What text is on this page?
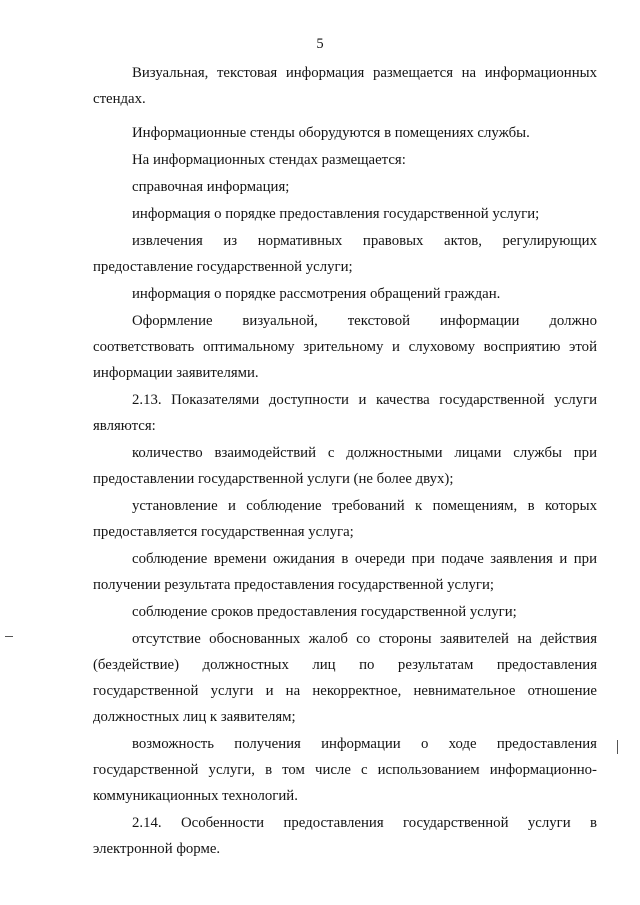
5

Визуальная, текстовая информация размещается на информационных стендах.

Информационные стенды оборудуются в помещениях службы.

На информационных стендах размещается:

справочная информация;

информация о порядке предоставления государственной услуги;

извлечения из нормативных правовых актов, регулирующих предоставление государственной услуги;

информация о порядке рассмотрения обращений граждан.

Оформление визуальной, текстовой информации должно соответствовать оптимальному зрительному и слуховому восприятию этой информации заявителями.

2.13. Показателями доступности и качества государственной услуги являются:

количество взаимодействий с должностными лицами службы при предоставлении государственной услуги (не более двух);

установление и соблюдение требований к помещениям, в которых предоставляется государственная услуга;

соблюдение времени ожидания в очереди при подаче заявления и при получении результата предоставления государственной услуги;

соблюдение сроков предоставления государственной услуги;

отсутствие обоснованных жалоб со стороны заявителей на действия (бездействие) должностных лиц по результатам предоставления государственной услуги и на некорректное, невнимательное отношение должностных лиц к заявителям;

возможность получения информации о ходе предоставления государственной услуги, в том числе с использованием информационно-коммуникационных технологий.

2.14. Особенности предоставления государственной услуги в электронной форме.
